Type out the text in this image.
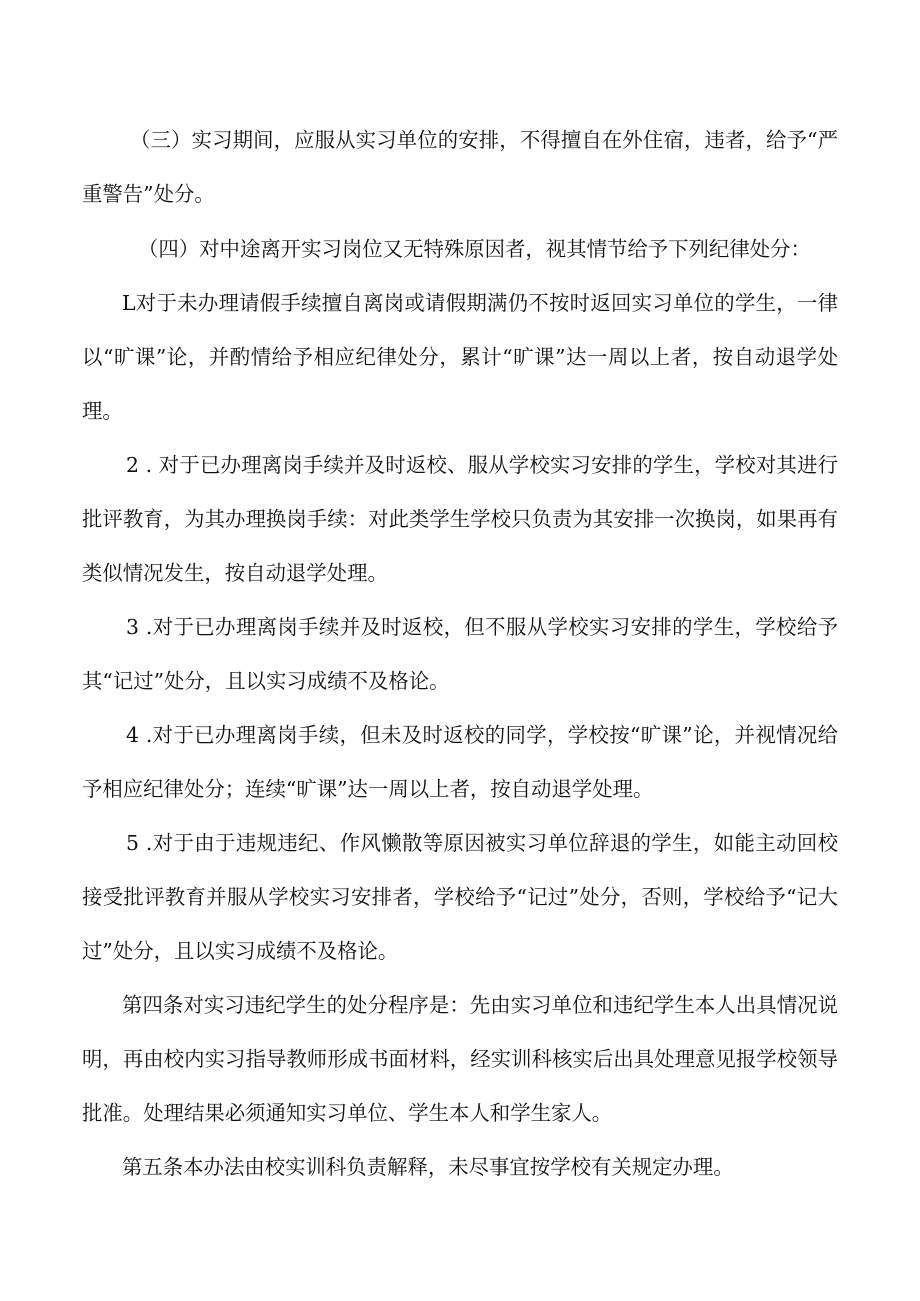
（三）实习期间，应服从实习单位的安排，不得擅自在外住宿，违者，给予“严重警告”处分。

（四）对中途离开实习岗位又无特殊原因者，视其情节给予下列纪律处分：

L对于未办理请假手续擅自离岗或请假期满仍不按时返回实习单位的学生，一律以“旷课”论，并酌情给予相应纪律处分，累计“旷课”达一周以上者，按自动退学处理。

2 . 对于已办理离岗手续并及时返校、服从学校实习安排的学生，学校对其进行批评教育，为其办理换岗手续：对此类学生学校只负责为其安排一次换岗，如果再有类似情况发生，按自动退学处理。

3 .对于已办理离岗手续并及时返校，但不服从学校实习安排的学生，学校给予其“记过”处分，且以实习成绩不及格论。

4 .对于已办理离岗手续，但未及时返校的同学，学校按“旷课”论，并视情况给予相应纪律处分；连续“旷课”达一周以上者，按自动退学处理。

5 .对于由于违规违纪、作风懒散等原因被实习单位辞退的学生，如能主动回校接受批评教育并服从学校实习安排者，学校给予“记过”处分，否则，学校给予“记大过”处分，且以实习成绩不及格论。

第四条对实习违纪学生的处分程序是：先由实习单位和违纪学生本人出具情况说明，再由校内实习指导教师形成书面材料，经实训科核实后出具处理意见报学校领导批准。处理结果必须通知实习单位、学生本人和学生家人。

第五条本办法由校实训科负责解释，未尽事宜按学校有关规定办理。
